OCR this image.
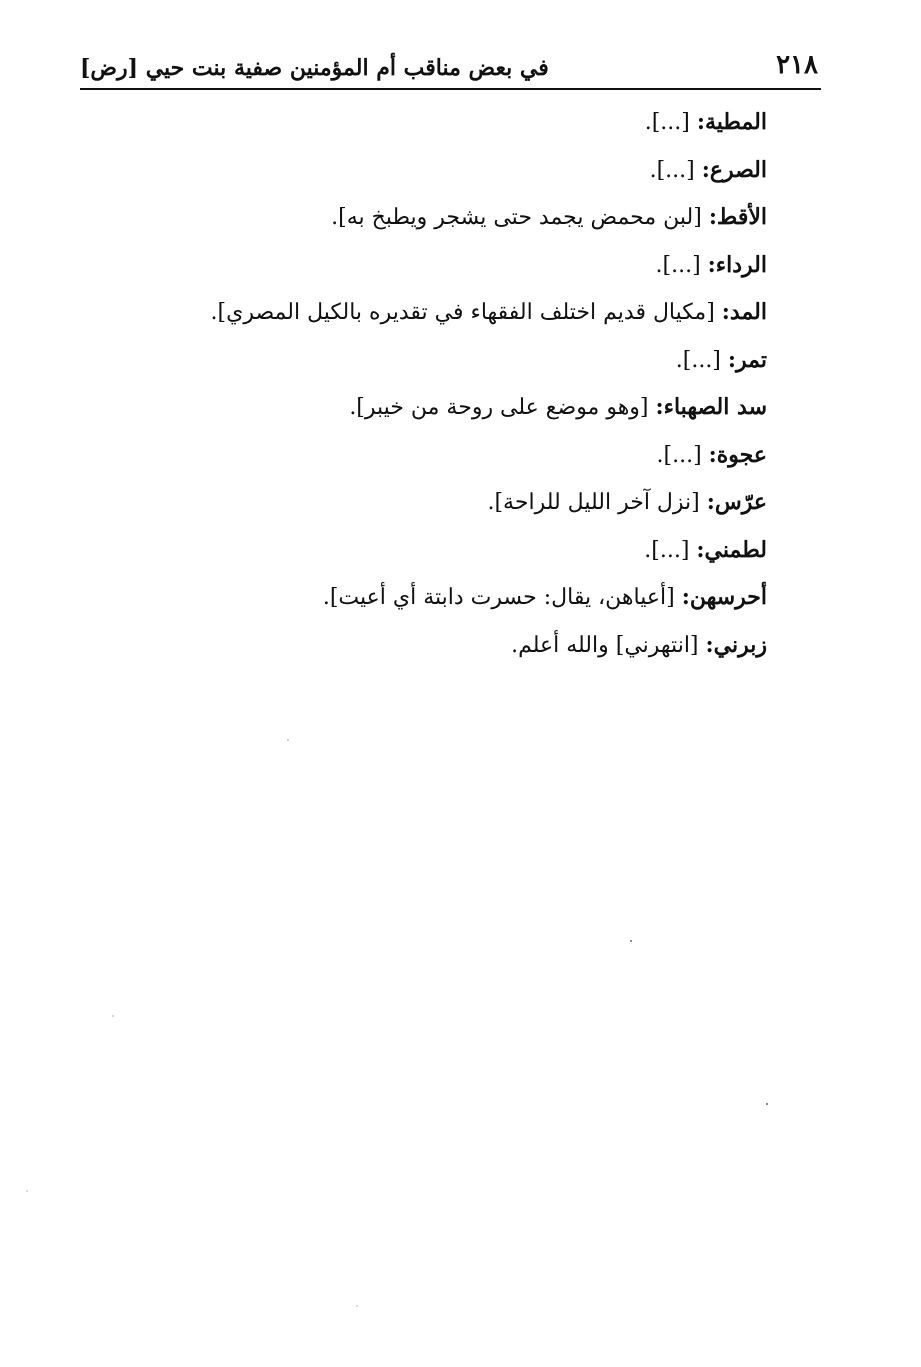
٢١٨
في بعض مناقب أم المؤمنين صفية بنت حيي [رض]
المطية: [...].
الصرع: [...].
الأقط: [لبن محمض يجمد حتى يشجر ويطبخ به].
الرداء: [...].
المد: [مكيال قديم اختلف الفقهاء في تقديره بالكيل المصري].
تمر: [...].
سد الصهباء: [وهو موضع على روحة من خيبر].
عجوة: [...].
عرّس: [نزل آخر الليل للراحة].
لطمني: [...].
أحرسهن: [أعياهن، يقال: حسرت دابتة أي أعيت].
زبرني: [انتهرني] والله أعلم.
